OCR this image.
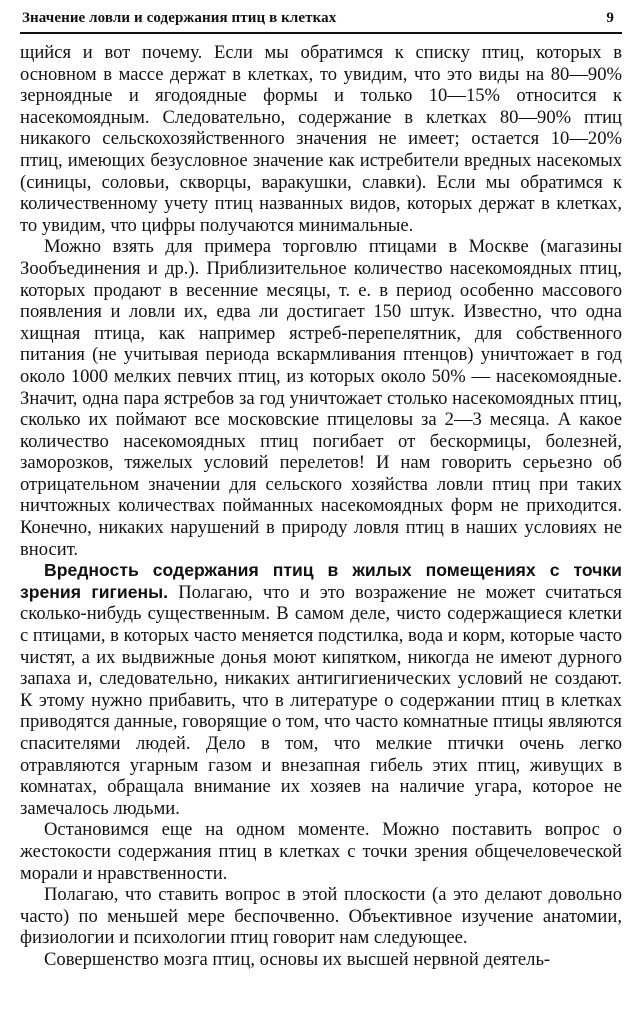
Значение ловли и содержания птиц в клетках	9

щийся и вот почему. Если мы обратимся к списку птиц, которых в основном в массе держат в клетках, то увидим, что это виды на 80—90% зерноядные и ягодоядные формы и только 10—15% относится к насекомоядным. Следовательно, содержание в клетках 80—90% птиц никакого сельскохозяйственного значения не имеет; остается 10—20% птиц, имеющих безусловное значение как истребители вредных насекомых (синицы, соловьи, скворцы, варакушки, славки). Если мы обратимся к количественному учету птиц названных видов, которых держат в клетках, то увидим, что цифры получаются минимальные.

Можно взять для примера торговлю птицами в Москве (магазины Зообъединения и др.). Приблизительное количество насекомоядных птиц, которых продают в весенние месяцы, т. е. в период особенно массового появления и ловли их, едва ли достигает 150 штук. Известно, что одна хищная птица, как например ястреб-перепелятник, для собственного питания (не учитывая периода вскармливания птенцов) уничтожает в год около 1000 мелких певчих птиц, из которых около 50% — насекомоядные. Значит, одна пара ястребов за год уничтожает столько насекомоядных птиц, сколько их поймают все московские птицеловы за 2—3 месяца. А какое количество насекомоядных птиц погибает от бескормицы, болезней, заморозков, тяжелых условий перелетов! И нам говорить серьезно об отрицательном значении для сельского хозяйства ловли птиц при таких ничтожных количествах пойманных насекомоядных форм не приходится. Конечно, никаких нарушений в природу ловля птиц в наших условиях не вносит.

Вредность содержания птиц в жилых помещениях с точки зрения гигиены. Полагаю, что и это возражение не может считаться сколько-нибудь существенным. В самом деле, чисто содержащиеся клетки с птицами, в которых часто меняется подстилка, вода и корм, которые часто чистят, а их выдвижные донья моют кипятком, никогда не имеют дурного запаха и, следовательно, никаких антигигиенических условий не создают. К этому нужно прибавить, что в литературе о содержании птиц в клетках приводятся данные, говорящие о том, что часто комнатные птицы являются спасителями людей. Дело в том, что мелкие птички очень легко отравляются угарным газом и внезапная гибель этих птиц, живущих в комнатах, обращала внимание их хозяев на наличие угара, которое не замечалось людьми.

Остановимся еще на одном моменте. Можно поставить вопрос о жестокости содержания птиц в клетках с точки зрения общечеловеческой морали и нравственности.

Полагаю, что ставить вопрос в этой плоскости (а это делают довольно часто) по меньшей мере беспочвенно. Объективное изучение анатомии, физиологии и психологии птиц говорит нам следующее.

Совершенство мозга птиц, основы их высшей нервной деятель-
